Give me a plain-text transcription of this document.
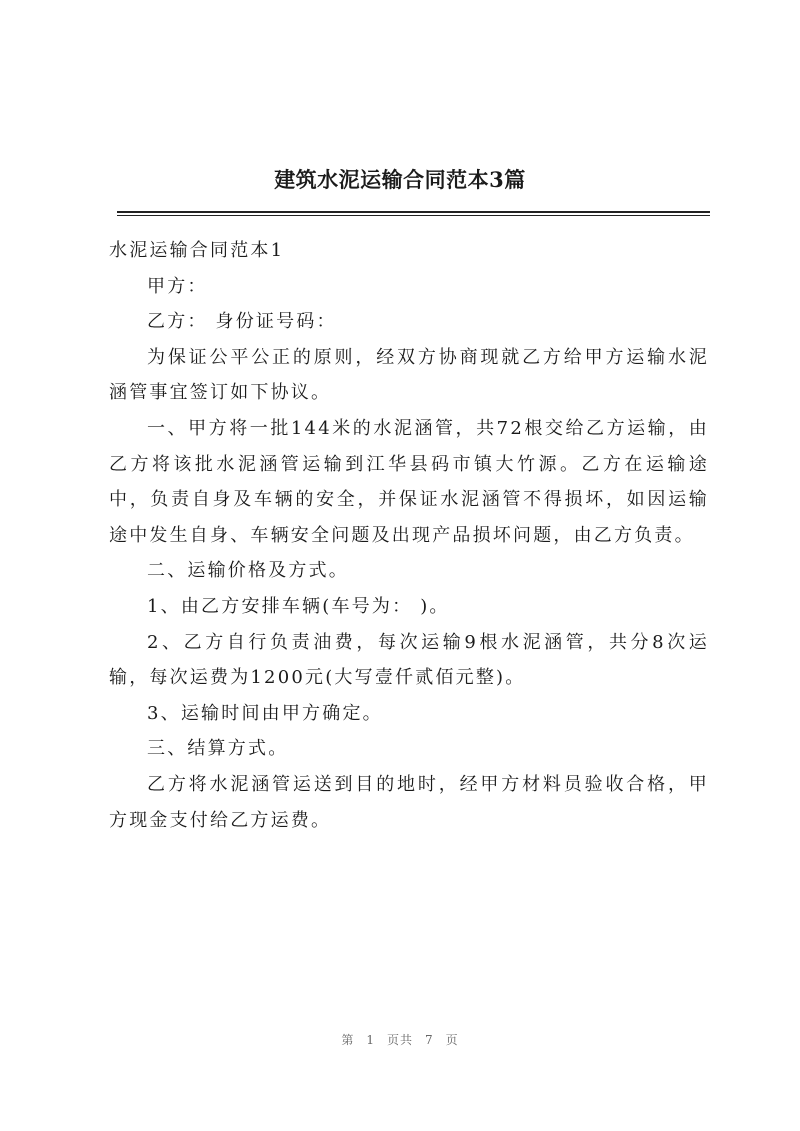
建筑水泥运输合同范本3篇

水泥运输合同范本1

甲方：

乙方： 身份证号码：

为保证公平公正的原则，经双方协商现就乙方给甲方运输水泥涵管事宜签订如下协议。

一、甲方将一批144米的水泥涵管，共72根交给乙方运输，由乙方将该批水泥涵管运输到江华县码市镇大竹源。乙方在运输途中，负责自身及车辆的安全，并保证水泥涵管不得损坏，如因运输途中发生自身、车辆安全问题及出现产品损坏问题，由乙方负责。

二、运输价格及方式。

1、由乙方安排车辆(车号为： )。

2、乙方自行负责油费，每次运输9根水泥涵管，共分8次运输，每次运费为1200元(大写壹仟贰佰元整)。

3、运输时间由甲方确定。

三、结算方式。

乙方将水泥涵管运送到目的地时，经甲方材料员验收合格，甲方现金支付给乙方运费。

第 1 页共 7 页
